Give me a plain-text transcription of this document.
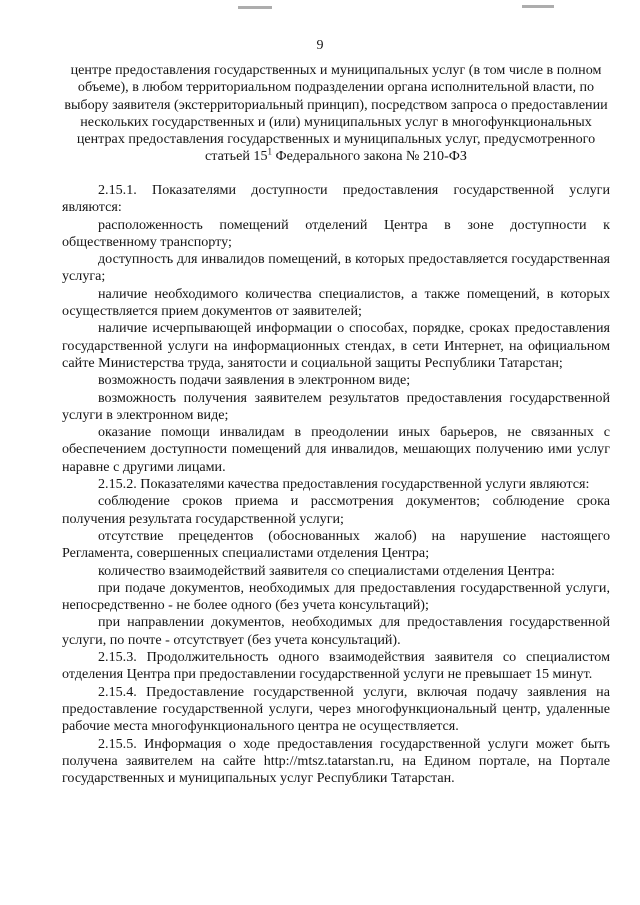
9

центре предоставления государственных и муниципальных услуг (в том числе в полном объеме), в любом территориальном подразделении органа исполнительной власти, по выбору заявителя (экстерриториальный принцип), посредством запроса о предоставлении нескольких государственных и (или) муниципальных услуг в многофункциональных центрах предоставления государственных и муниципальных услуг, предусмотренного статьей $15^1$ Федерального закона № 210-ФЗ

2.15.1. Показателями доступности предоставления государственной услуги являются:

расположенность помещений отделений Центра в зоне доступности к общественному транспорту;

доступность для инвалидов помещений, в которых предоставляется государственная услуга;

наличие необходимого количества специалистов, а также помещений, в которых осуществляется прием документов от заявителей;

наличие исчерпывающей информации о способах, порядке, сроках предоставления государственной услуги на информационных стендах, в сети Интернет, на официальном сайте Министерства труда, занятости и социальной защиты Республики Татарстан;

возможность подачи заявления в электронном виде;

возможность получения заявителем результатов предоставления государственной услуги в электронном виде;

оказание помощи инвалидам в преодолении иных барьеров, не связанных с обеспечением доступности помещений для инвалидов, мешающих получению ими услуг наравне с другими лицами.

2.15.2. Показателями качества предоставления государственной услуги являются:

соблюдение сроков приема и рассмотрения документов; соблюдение срока получения результата государственной услуги;

отсутствие прецедентов (обоснованных жалоб) на нарушение настоящего Регламента, совершенных специалистами отделения Центра;

количество взаимодействий заявителя со специалистами отделения Центра:

при подаче документов, необходимых для предоставления государственной услуги, непосредственно - не более одного (без учета консультаций);

при направлении документов, необходимых для предоставления государственной услуги, по почте - отсутствует (без учета консультаций).

2.15.3. Продолжительность одного взаимодействия заявителя со специалистом отделения Центра при предоставлении государственной услуги не превышает 15 минут.

2.15.4. Предоставление государственной услуги, включая подачу заявления на предоставление государственной услуги, через многофункциональный центр, удаленные рабочие места многофункционального центра не осуществляется.

2.15.5. Информация о ходе предоставления государственной услуги может быть получена заявителем на сайте http://mtsz.tatarstan.ru, на Едином портале, на Портале государственных и муниципальных услуг Республики Татарстан.
